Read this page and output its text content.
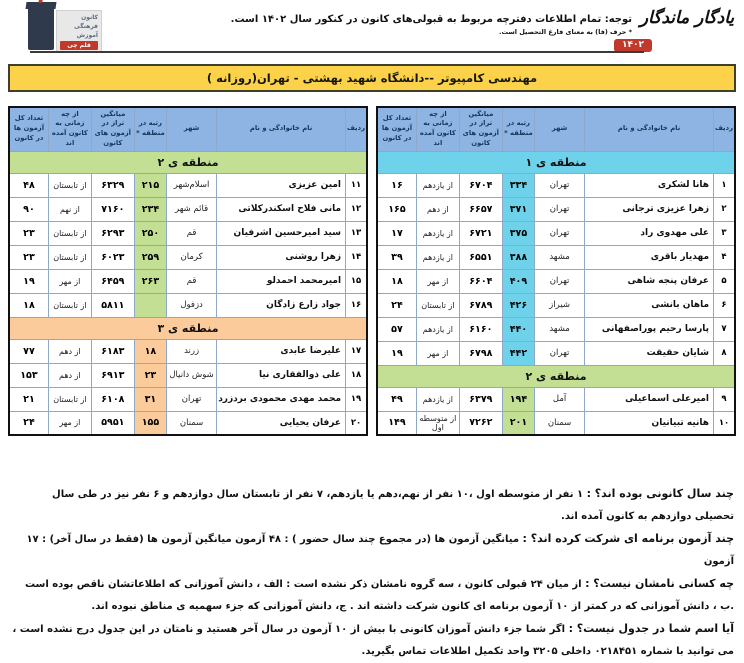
کانون
فرهنگی
آموزش
قلم چی
توجه: تمام اطلاعات دفترچه مربوط به قبولی‌های کانون در کنکور سال ۱۴۰۲ است.
* حرف (فا) به معنای فارغ التحصیل است.
یادگار ماندگار
۱۴۰۲
مهندسی کامپیوتر --دانشگاه شهید بهشتی - تهران(روزانه )
ردیف	نام خانوادگی و نام	شهر	رتبه در منطقه *	میانگین تراز در آزمون های کانون	از چه زمانی به کانون آمده اند	تعداد کل آزمون ها در کانون
منطقه ی ۱						
۱	هانا لشکری	تهران	۳۳۴	۶۷۰۴	از یازدهم	۱۶
۲	زهرا عزیزی ترجانی	تهران	۳۷۱	۶۶۵۷	از دهم	۱۶۵
۳	علی مهدوی راد	تهران	۳۷۵	۶۷۲۱	از یازدهم	۱۷
۴	مهدیار باقری	مشهد	۳۸۸	۶۵۵۱	از یازدهم	۳۹
۵	عرفان پنجه شاهی	تهران	۴۰۹	۶۶۰۴	از مهر	۱۸
۶	ماهان بانشی	شیراز	۴۲۶	۶۷۸۹	از تابستان	۲۴
۷	پارسا رحیم پوراصفهانی	مشهد	۴۴۰	۶۱۶۰	از یازدهم	۵۷
۸	شایان حقیقت	تهران	۴۴۲	۶۷۹۸	از مهر	۱۹
منطقه ی ۲						
۹	امیرعلی اسماعیلی	آمل	۱۹۴	۶۳۷۹	از یازدهم	۴۹
۱۰	هانیه تبیانیان	سمنان	۲۰۱	۷۲۶۲	از متوسطه اول	۱۴۹
ردیف	نام خانوادگی و نام	شهر	رتبه در منطقه *	میانگین تراز در آزمون های کانون	از چه زمانی به کانون آمده اند	تعداد کل آزمون ها در کانون
منطقه ی ۲						
۱۱	امین عزیزی	اسلام‌شهر	۲۱۵	۶۳۲۹	از تابستان	۴۸
۱۲	مانی فلاح اسکندرکلاتی	قائم شهر	۲۳۴	۷۱۶۰	از نهم	۹۰
۱۳	سید امیرحسین اشرفیان	قم	۲۵۰	۶۲۹۳	از تابستان	۲۳
۱۴	زهرا روشنی	کرمان	۲۵۹	۶۰۲۳	از تابستان	۲۳
۱۵	امیرمحمد احمدلو	قم	۲۶۳	۶۴۵۹	از مهر	۱۹
۱۶	جواد زارع زادگان	دزفول		۵۸۱۱	از تابستان	۱۸
منطقه ی ۳						
۱۷	علیرضا عابدی	زرند	۱۸	۶۱۸۳	از دهم	۷۷
۱۸	علی ذوالفقاری نیا	شوش دانیال	۲۳	۶۹۱۳	از دهم	۱۵۳
۱۹	محمد مهدی محمودی بردزرد	تهران	۳۱	۶۱۰۸	از تابستان	۲۱
۲۰	عرفان یحیایی	سمنان	۱۵۵	۵۹۵۱	از مهر	۲۴

چند سال کانونی بوده اند؟ : ۱ نفر از متوسطه اول ،۱۰ نفر از نهم،دهم یا یازدهم، ۷ نفر از تابستان سال دوازدهم و ۶ نفر نیز در طی سال تحصیلی دوازدهم به کانون آمده اند.

چند آزمون برنامه ای شرکت کرده اند؟ : میانگین آزمون ها (در مجموع چند سال حضور ) : ۴۸ آزمون میانگین آزمون ها (فقط در سال آخر) : ۱۷ آزمون

چه کسانی نامشان نیست؟ : از میان ۲۴ قبولی کانون ، سه گروه نامشان ذکر نشده است : الف ، دانش آموزانی که اطلاعاتشان ناقص بوده است .ب ، دانش آموزانی که در کمتر از ۱۰ آزمون برنامه ای کانون شرکت داشته اند . ج، دانش آموزانی که جزء سهمیه ی مناطق نبوده اند.

آیا اسم شما در جدول نیست؟ : اگر شما جزء دانش آموزان کانونی با بیش از ۱۰ آزمون در سال آخر هستید و نامتان در این جدول درج نشده است ، می توانید با شماره ۰۲۱۸۴۵۱ داخلی ۳۲۰۵ واحد تکمیل اطلاعات تماس بگیرید.
